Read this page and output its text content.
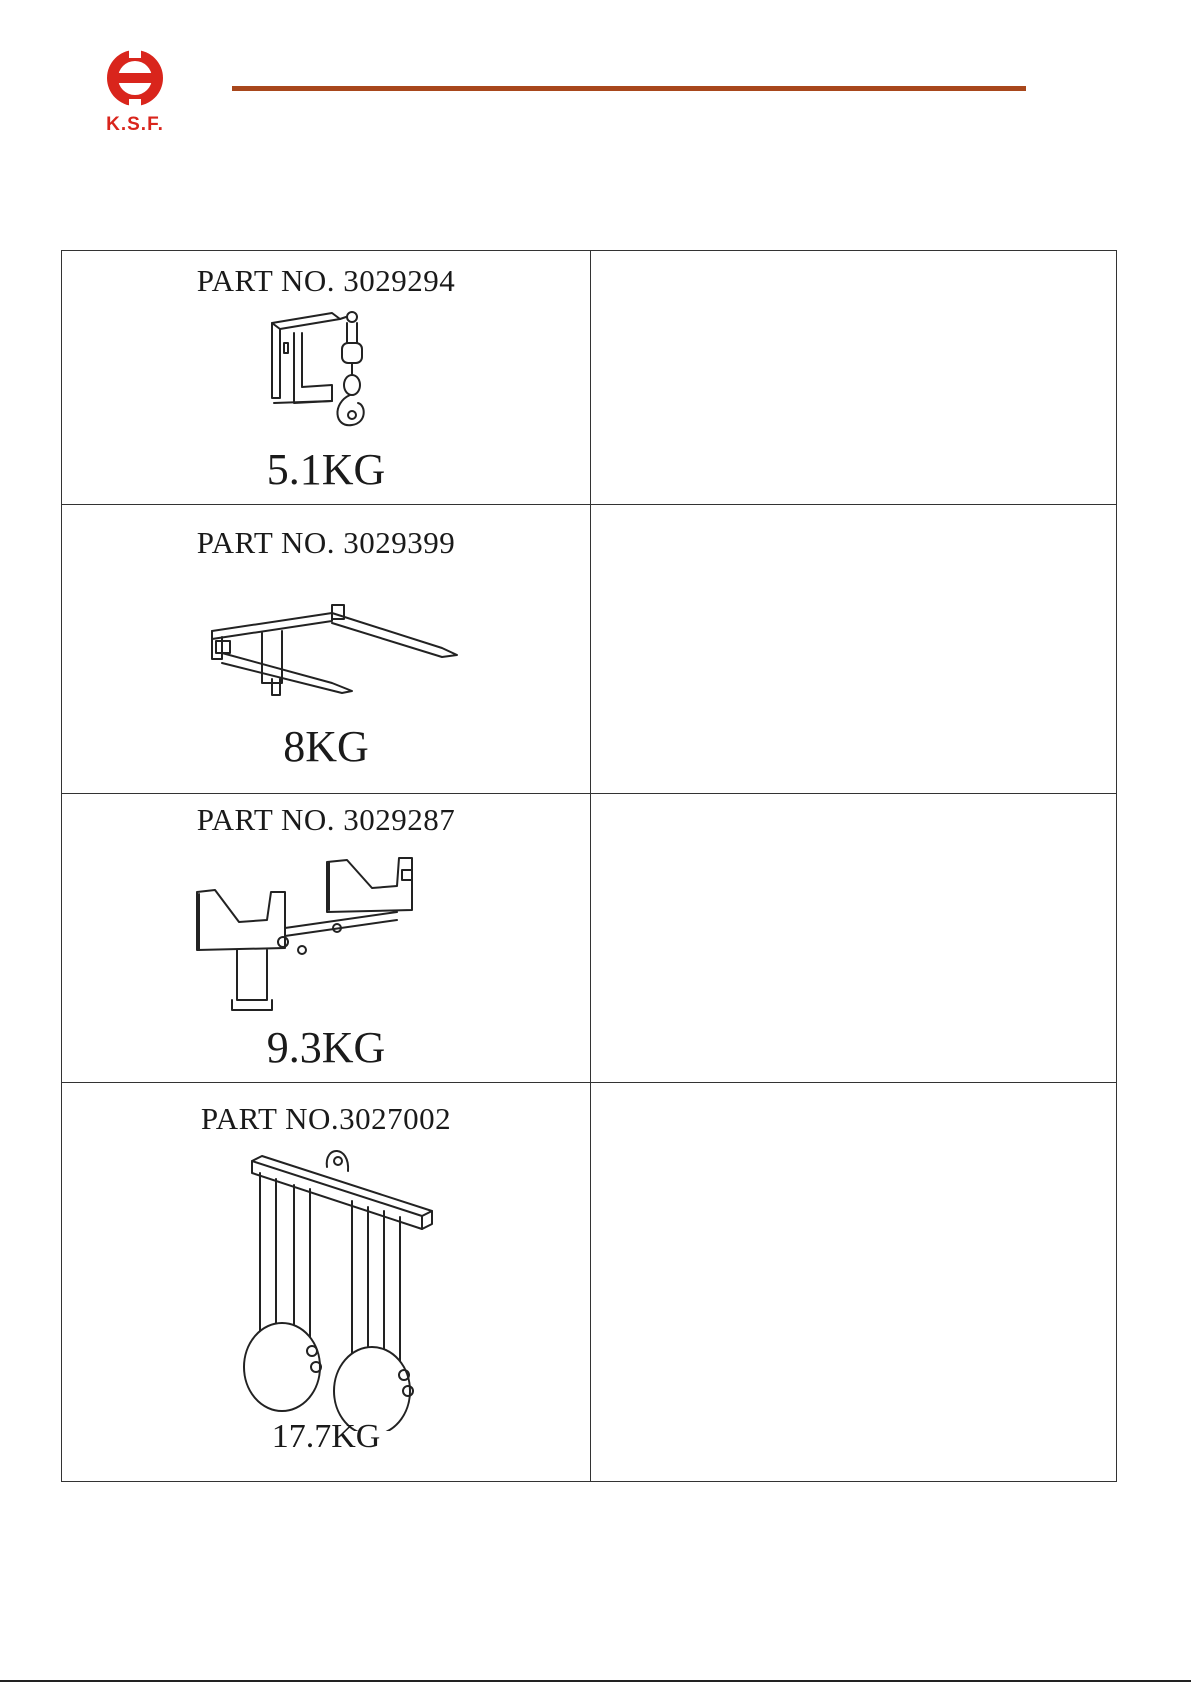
K.S.F.
PART NO. 3029294
5.1KG	

PART NO. 3029399
8KG	

PART NO. 3029287
9.3KG	

PART NO.3027002
17.7KG	
